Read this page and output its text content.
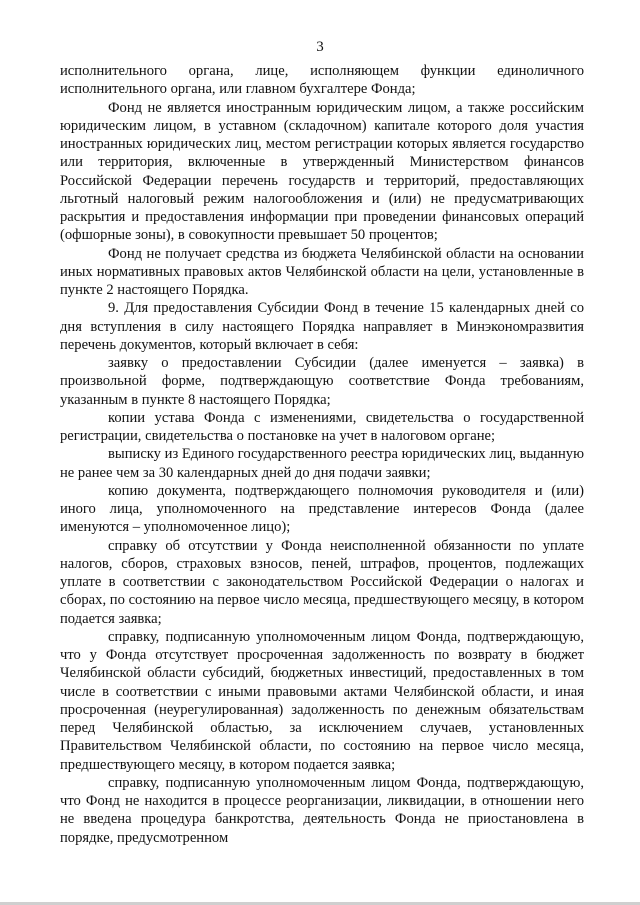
3

исполнительного органа, лице, исполняющем функции единоличного исполнительного органа, или главном бухгалтере Фонда;

Фонд не является иностранным юридическим лицом, а также российским юридическим лицом, в уставном (складочном) капитале которого доля участия иностранных юридических лиц, местом регистрации которых является государство или территория, включенные в утвержденный Министерством финансов Российской Федерации перечень государств и территорий, предоставляющих льготный налоговый режим налогообложения и (или) не предусматривающих раскрытия и предоставления информации при проведении финансовых операций (офшорные зоны), в совокупности превышает 50 процентов;

Фонд не получает средства из бюджета Челябинской области на основании иных нормативных правовых актов Челябинской области на цели, установленные в пункте 2 настоящего Порядка.

9. Для предоставления Субсидии Фонд в течение 15 календарных дней со дня вступления в силу настоящего Порядка направляет в Минэкономразвития перечень документов, который включает в себя:

заявку о предоставлении Субсидии (далее именуется – заявка) в произвольной форме, подтверждающую соответствие Фонда требованиям, указанным в пункте 8 настоящего Порядка;

копии устава Фонда с изменениями, свидетельства о государственной регистрации, свидетельства о постановке на учет в налоговом органе;

выписку из Единого государственного реестра юридических лиц, выданную не ранее чем за 30 календарных дней до дня подачи заявки;

копию документа, подтверждающего полномочия руководителя и (или) иного лица, уполномоченного на представление интересов Фонда (далее именуются – уполномоченное лицо);

справку об отсутствии у Фонда неисполненной обязанности по уплате налогов, сборов, страховых взносов, пеней, штрафов, процентов, подлежащих уплате в соответствии с законодательством Российской Федерации о налогах и сборах, по состоянию на первое число месяца, предшествующего месяцу, в котором подается заявка;

справку, подписанную уполномоченным лицом Фонда, подтверждающую, что у Фонда отсутствует просроченная задолженность по возврату в бюджет Челябинской области субсидий, бюджетных инвестиций, предоставленных в том числе в соответствии с иными правовыми актами Челябинской области, и иная просроченная (неурегулированная) задолженность по денежным обязательствам перед Челябинской областью, за исключением случаев, установленных Правительством Челябинской области, по состоянию на первое число месяца, предшествующего месяцу, в котором подается заявка;

справку, подписанную уполномоченным лицом Фонда, подтверждающую, что Фонд не находится в процессе реорганизации, ликвидации, в отношении него не введена процедура банкротства, деятельность Фонда не приостановлена в порядке, предусмотренном
